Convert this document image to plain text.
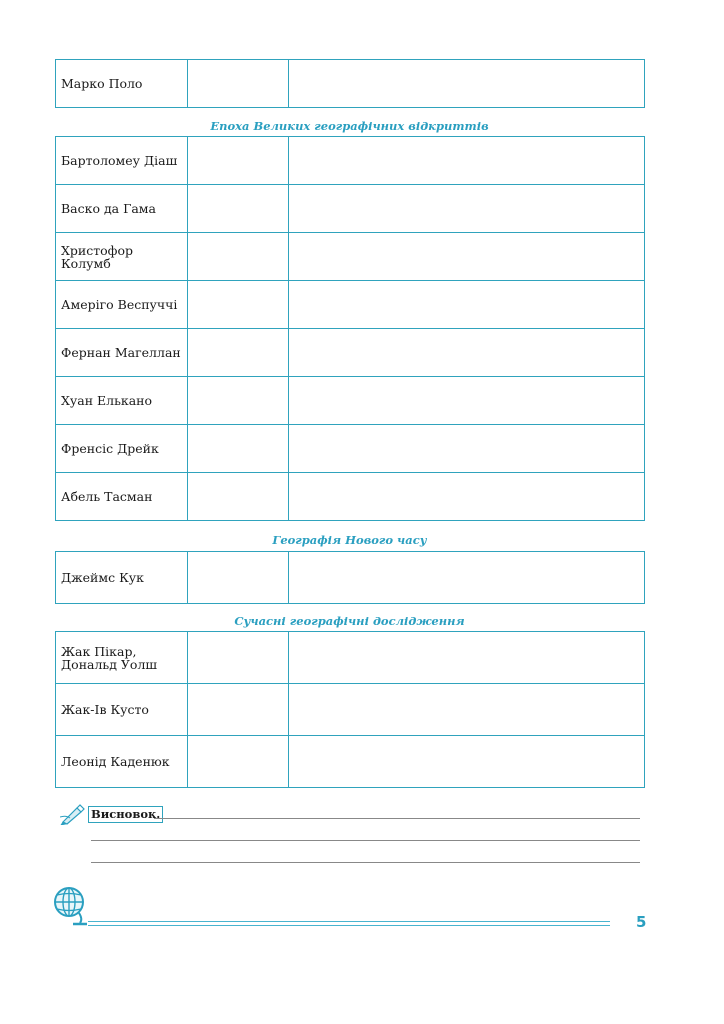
Марко Поло		
Епоха Великих географічних відкриттів
Бартоломеу Діаш		
Васко да Гама		
Христофор Колумб		
Амеріго Веспуччі		
Фернан Магеллан		
Хуан Елькано		
Френсіс Дрейк		
Абель Тасман		
Географія Нового часу
Джеймс Кук		
Сучасні географічні дослідження
Жак Пікар, Дональд Уолш		
Жак-Ів Кусто		
Леонід Каденюк		
Висновок.
5
